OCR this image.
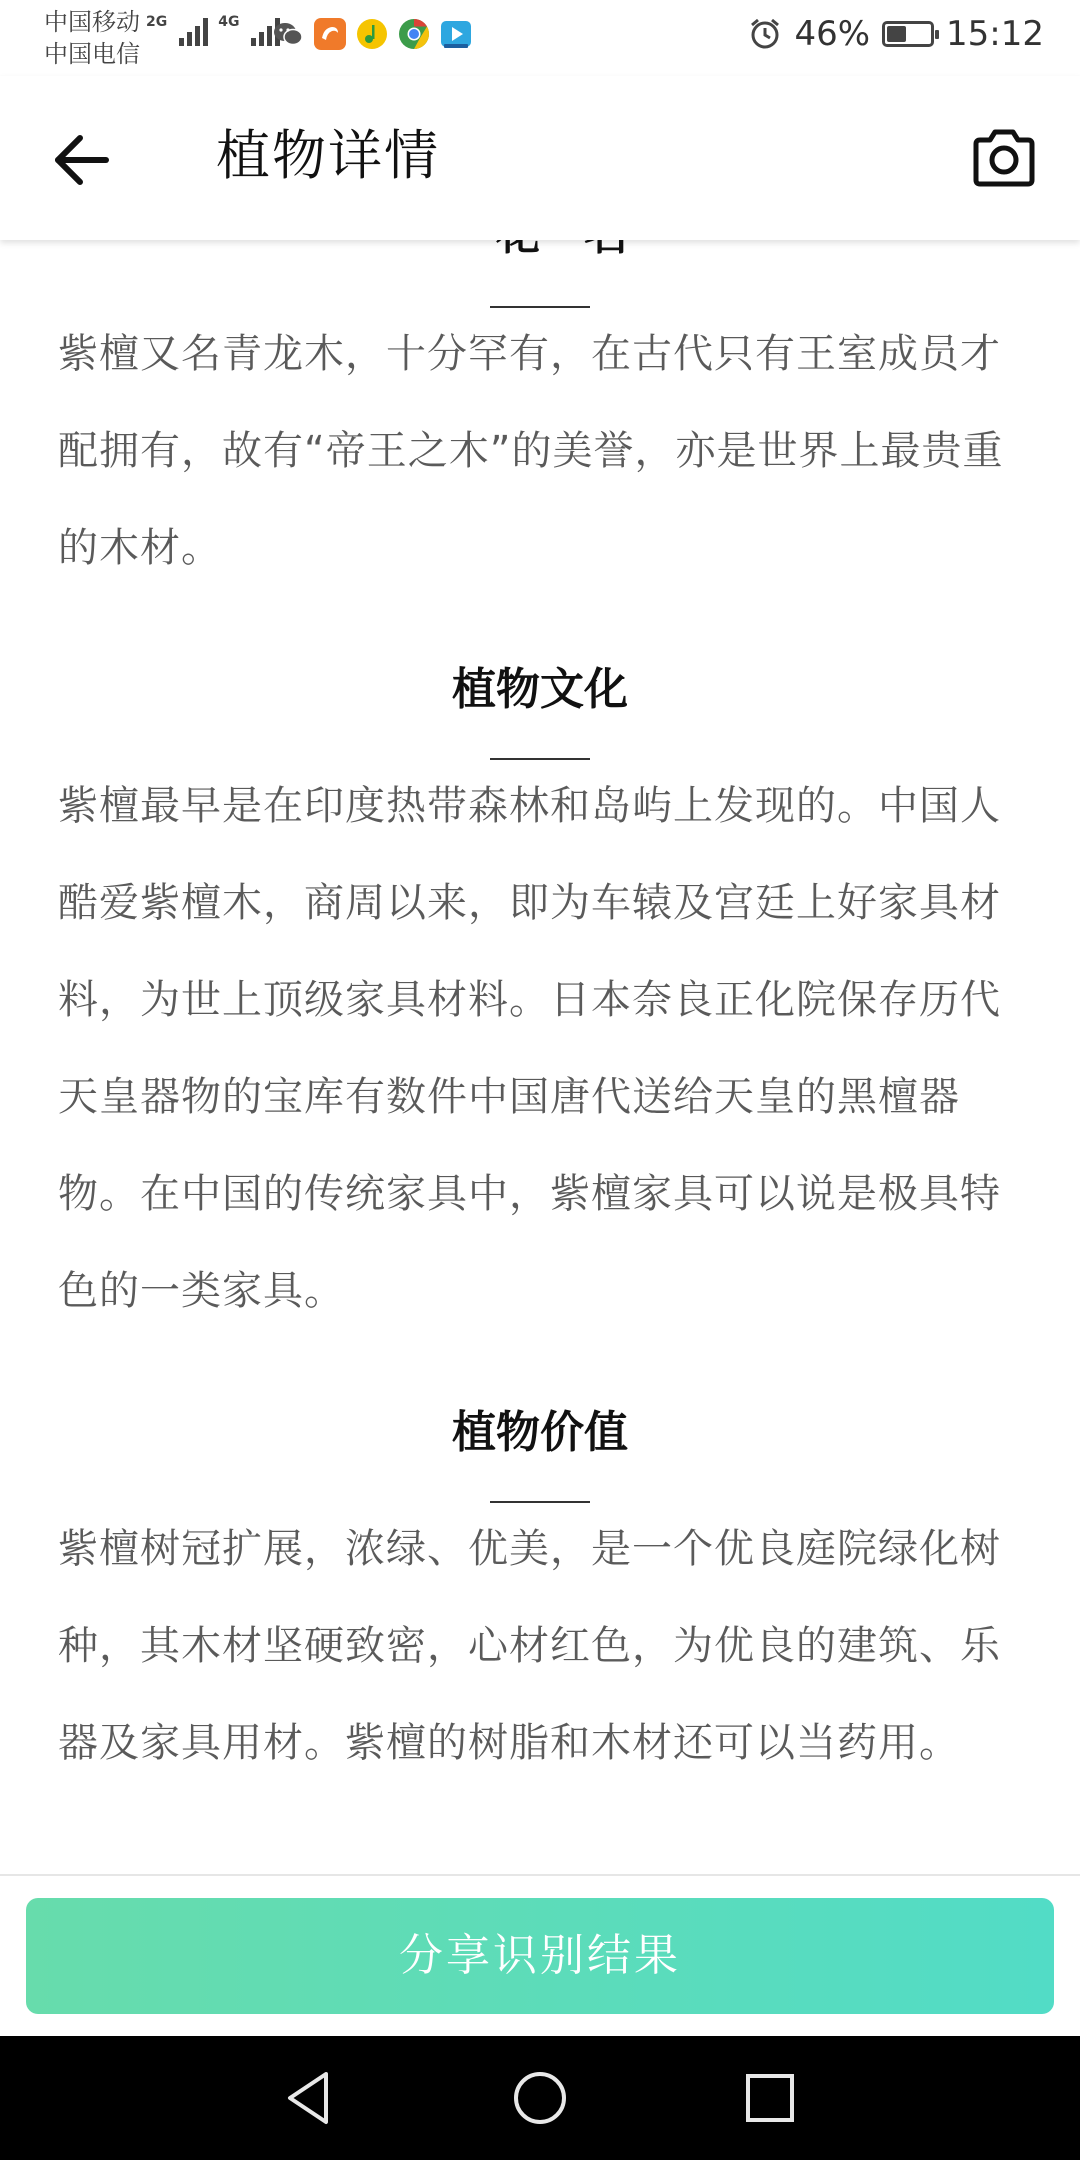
中国移动
中国电信
2G	4G	46% 15:12
植物详情
紫檀又名青龙木，十分罕有，在古代只有王室成员才配拥有，故有“帝王之木”的美誉，亦是世界上最贵重的木材。
植物文化
紫檀最早是在印度热带森林和岛屿上发现的。中国人酷爱紫檀木，商周以来，即为车辕及宫廷上好家具材料，为世上顶级家具材料。日本奈良正化院保存历代天皇器物的宝库有数件中国唐代送给天皇的黑檀器物。在中国的传统家具中，紫檀家具可以说是极具特色的一类家具。
植物价值
紫檀树冠扩展，浓绿、优美，是一个优良庭院绿化树种，其木材坚硬致密，心材红色，为优良的建筑、乐器及家具用材。紫檀的树脂和木材还可以当药用。
分享识别结果
